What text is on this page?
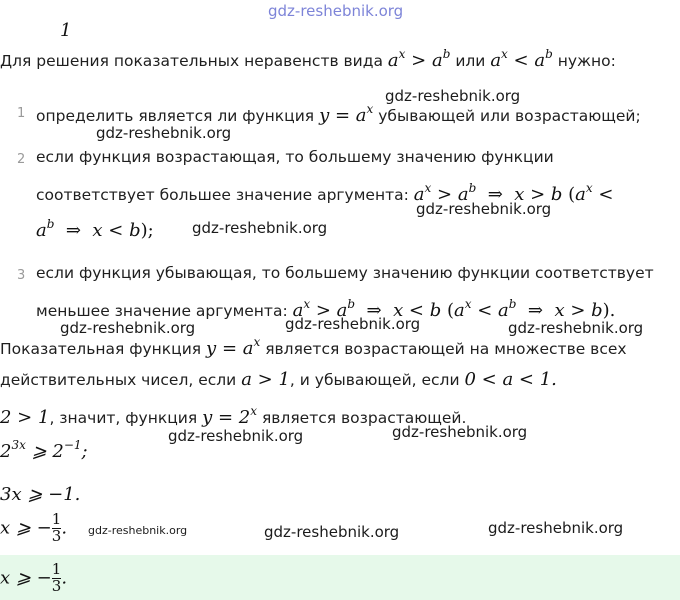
gdz-reshebnik.org
1
Для решения показательных неравенств вида $a^x > a^b$ или $a^x < a^b$ нужно:
1 определить является ли функция $y = a^x$ убывающей или возрастающей;
gdz-reshebnik.org
gdz-reshebnik.org
2 если функция возрастающая, то большему значению функции
соответствует большее значение аргумента: $a^x > a^b$  ⇒  x > b ($a^x$ <
gdz-reshebnik.org
$a^b$  ⇒  x < b);	gdz-reshebnik.org
3 если функция убывающая, то большему значению функции соответствует
меньшее значение аргумента: $a^x > a^b$  ⇒  x < b ($a^x < a^b$  ⇒  x > b).
gdz-reshebnik.org	gdz-reshebnik.org	gdz-reshebnik.org
Показательная функция $y = a^x$ является возрастающей на множестве всех
действительных чисел, если a > 1, и убывающей, если 0 < a < 1.
2 > 1, значит, функция $y = 2^x$ является возрастающей.
gdz-reshebnik.org	gdz-reshebnik.org
$2^{3x}$ ⩾ $2^{-1}$;
3x ⩾ −1.
x ⩾ − $\frac{1}{3}$ . gdz-reshebnik.org	gdz-reshebnik.org	gdz-reshebnik.org
x ⩾ − $\frac{1}{3}$ .
